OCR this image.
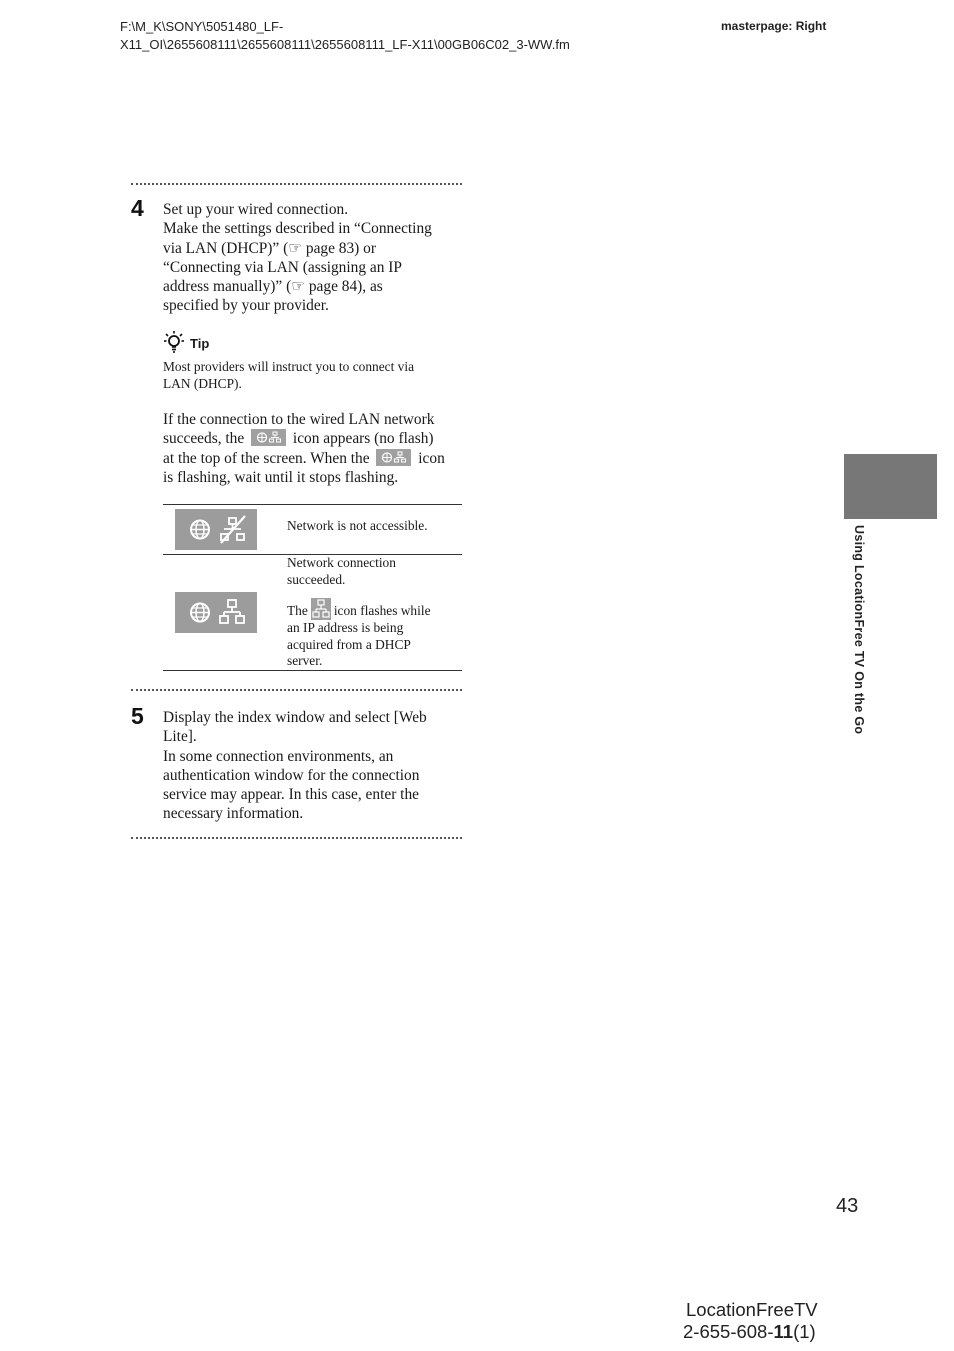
F:\M_K\SONY\5051480_LF-
X11_OI\2655608111\2655608111\2655608111_LF-X11\00GB06C02_3-WW.fm
masterpage: Right
4 Set up your wired connection.
Make the settings described in “Connecting
via LAN (DHCP)” (☞ page 83) or
“Connecting via LAN (assigning an IP
address manually)” (☞ page 84), as
specified by your provider.
Tip
Most providers will instruct you to connect via
LAN (DHCP).
If the connection to the wired LAN network
succeeds, the	icon appears (no flash)
at the top of the screen. When the	icon
is flashing, wait until it stops flashing.
Network is not accessible.
Network connection
succeeded.
The icon flashes while
an IP address is being
acquired from a DHCP
server.
5 Display the index window and select [Web
Lite].
In some connection environments, an
authentication window for the connection
service may appear. In this case, enter the
necessary information.
Using LocationFree TV On the Go
43
LocationFreeTV
2-655-608-11(1)
